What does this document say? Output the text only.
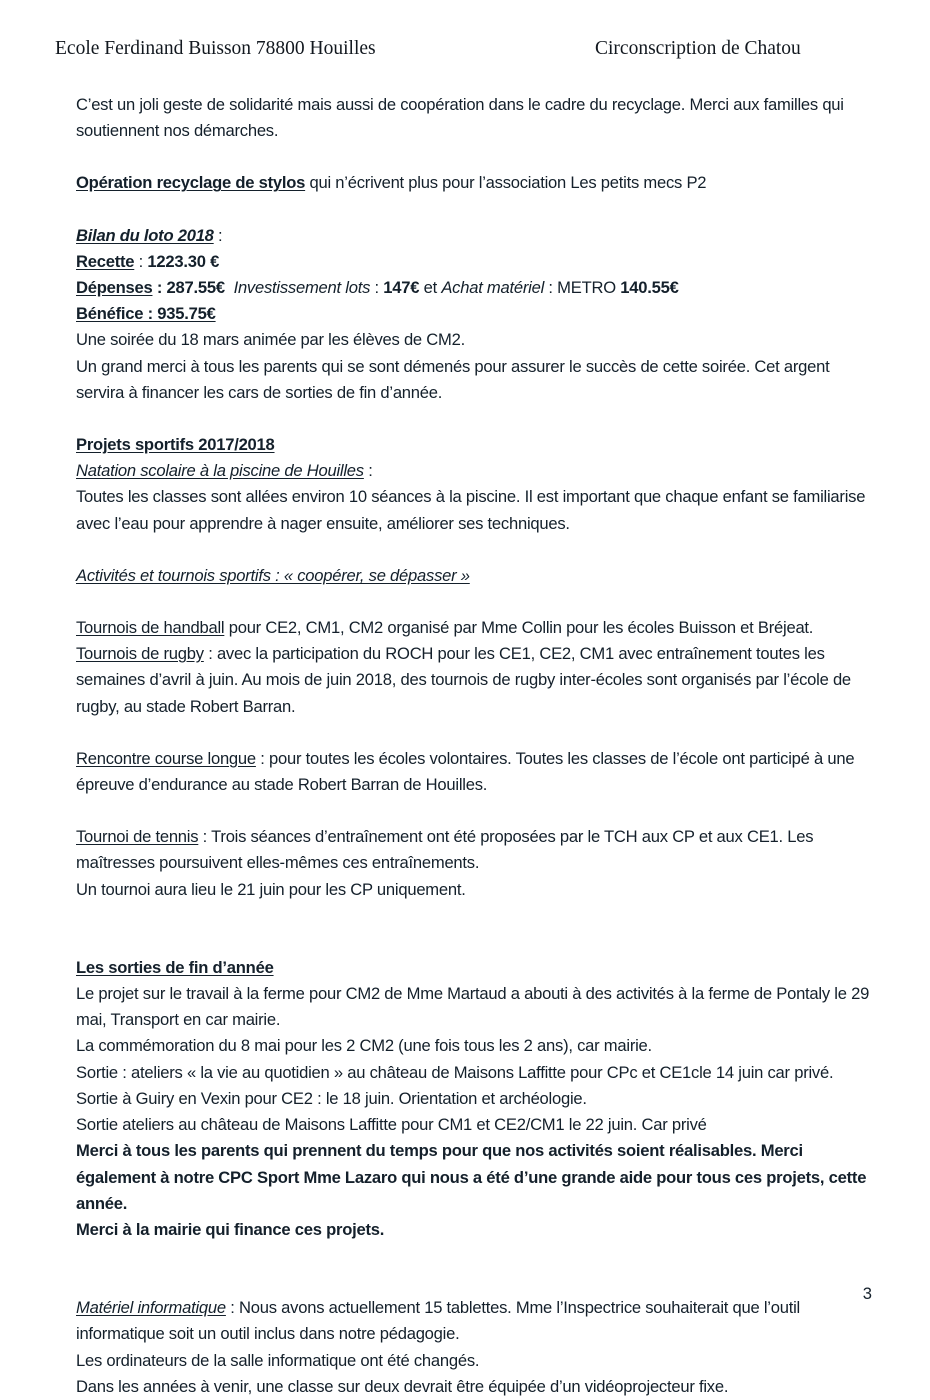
Ecole Ferdinand Buisson 78800 Houilles	Circonscription de Chatou

C’est un joli geste de solidarité mais aussi de coopération dans le cadre du recyclage. Merci aux familles qui soutiennent nos démarches.

Opération recyclage de stylos qui n’écrivent plus pour l’association Les petits mecs P2

Bilan du loto 2018 :

Recette : 1223.30 €

Dépenses : 287.55€ Investissement lots : 147€ et Achat matériel : METRO 140.55€

Bénéfice : 935.75€

Une soirée du 18 mars animée par les élèves de CM2.

Un grand merci à tous les parents qui se sont démenés pour assurer le succès de cette soirée. Cet argent servira à financer les cars de sorties de fin d’année.

Projets sportifs 2017/2018

Natation scolaire à la piscine de Houilles :

Toutes les classes sont allées environ 10 séances à la piscine. Il est important que chaque enfant se familiarise avec l’eau pour apprendre à nager ensuite, améliorer ses techniques.

Activités et tournois sportifs : « coopérer, se dépasser »

Tournois de handball pour CE2, CM1, CM2 organisé par Mme Collin pour les écoles Buisson et Bréjeat.

Tournois de rugby : avec la participation du ROCH pour les CE1, CE2, CM1 avec entraînement toutes les semaines d’avril à juin. Au mois de juin 2018, des tournois de rugby inter-écoles sont organisés par l’école de rugby, au stade Robert Barran.

Rencontre course longue : pour toutes les écoles volontaires. Toutes les classes de l’école ont participé à une épreuve d’endurance au stade Robert Barran de Houilles.

Tournoi de tennis : Trois séances d’entraînement ont été proposées par le TCH aux CP et aux CE1. Les maîtresses poursuivent elles-mêmes ces entraînements.

Un tournoi aura lieu le 21 juin pour les CP uniquement.

Les sorties de fin d’année

Le projet sur le travail à la ferme pour CM2 de Mme Martaud a abouti à des activités à la ferme de Pontaly le 29 mai, Transport en car mairie.

La commémoration du 8 mai pour les 2 CM2 (une fois tous les 2 ans), car mairie.

Sortie : ateliers « la vie au quotidien » au château de Maisons Laffitte pour CPc et CE1cle 14 juin car privé.

Sortie à Guiry en Vexin pour CE2 : le 18 juin. Orientation et archéologie.

Sortie ateliers au château de Maisons Laffitte pour CM1 et CE2/CM1 le 22 juin. Car privé

Merci à tous les parents qui prennent du temps pour que nos activités soient réalisables. Merci également à notre CPC Sport Mme Lazaro qui nous a été d’une grande aide pour tous ces projets, cette année.

Merci à la mairie qui finance ces projets.

Matériel informatique : Nous avons actuellement 15 tablettes. Mme l’Inspectrice souhaiterait que l’outil informatique soit un outil inclus dans notre pédagogie.

Les ordinateurs de la salle informatique ont été changés.

Dans les années à venir, une classe sur deux devrait être équipée d’un vidéoprojecteur fixe.

3
